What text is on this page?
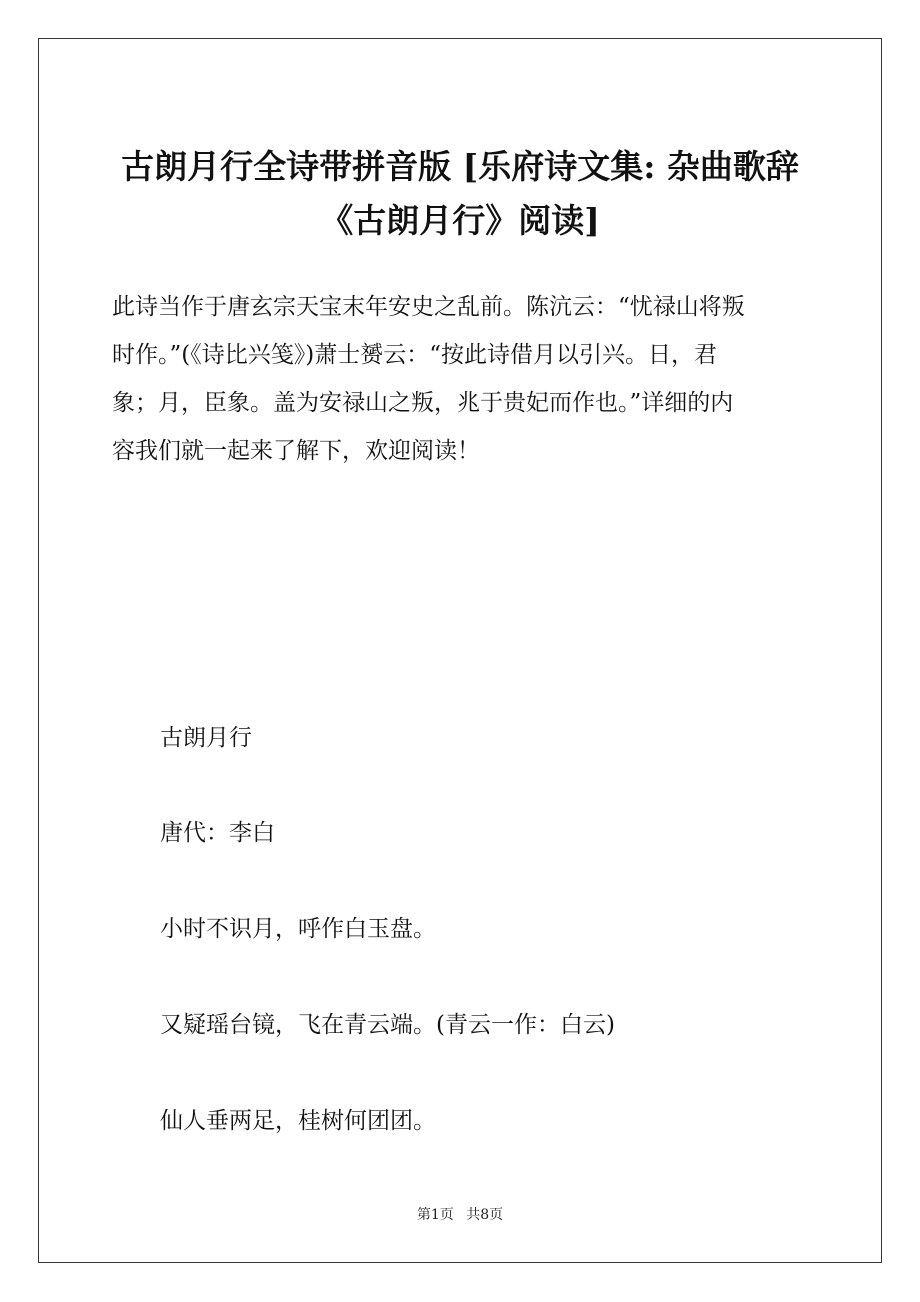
古朗月行全诗带拼音版 [乐府诗文集: 杂曲歌辞
《古朗月行》阅读]
此诗当作于唐玄宗天宝末年安史之乱前。陈沆云：“忧禄山将叛
时作。”(《诗比兴笺》)萧士赟云：“按此诗借月以引兴。日，君
象；月，臣象。盖为安禄山之叛，兆于贵妃而作也。”详细的内
容我们就一起来了解下，欢迎阅读！
古朗月行
唐代：李白
小时不识月，呼作白玉盘。
又疑瑶台镜，飞在青云端。(青云一作：白云)
仙人垂两足，桂树何团团。
第1页 共8页
